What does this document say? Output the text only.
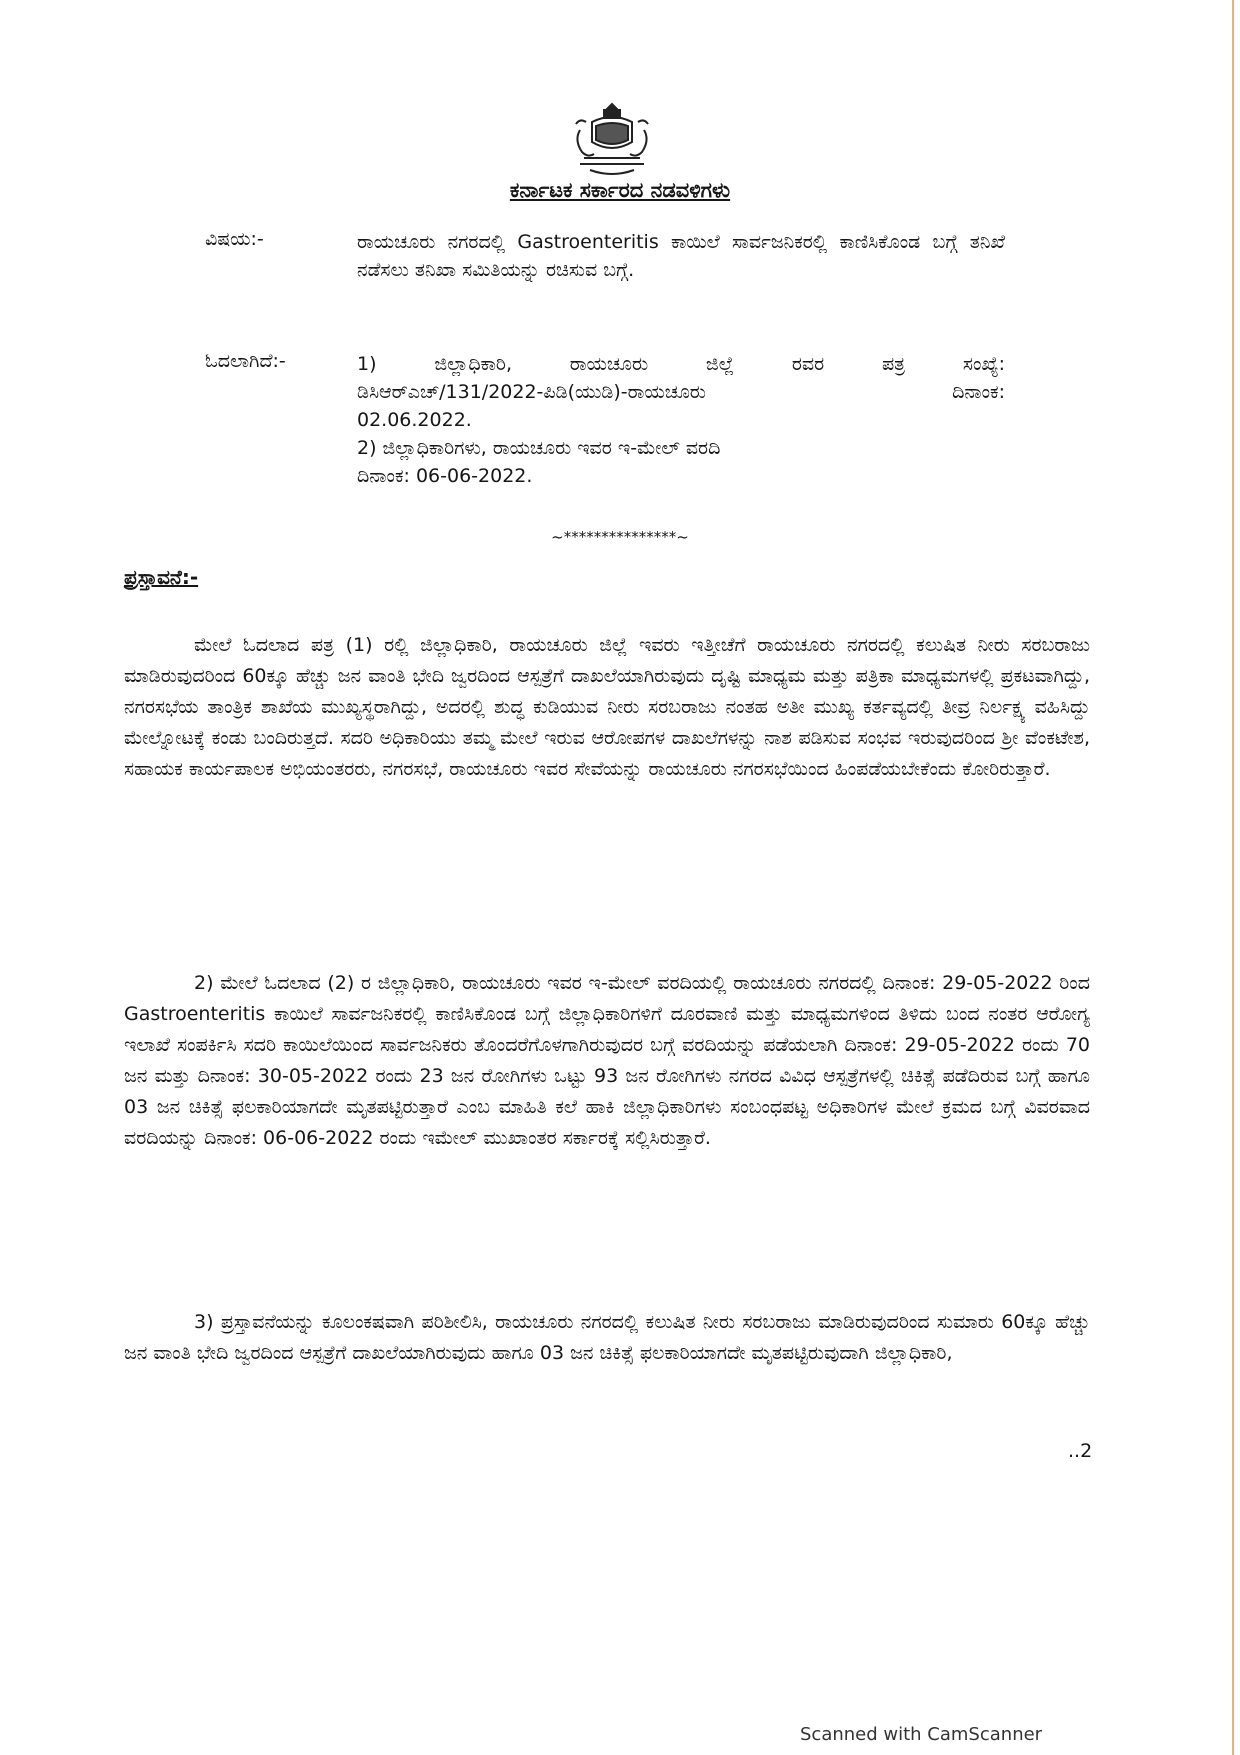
ಕರ್ನಾಟಕ ಸರ್ಕಾರದ ನಡವಳಿಗಳು
ವಿಷಯ:-	ರಾಯಚೂರು ನಗರದಲ್ಲಿ Gastroenteritis ಕಾಯಿಲೆ ಸಾರ್ವಜನಿಕರಲ್ಲಿ ಕಾಣಿಸಿಕೊಂಡ ಬಗ್ಗೆ ತನಿಖೆ ನಡೆಸಲು ತನಿಖಾ ಸಮಿತಿಯನ್ನು ರಚಿಸುವ ಬಗ್ಗೆ.
ಓದಲಾಗಿದೆ:-	1) ಜಿಲ್ಲಾಧಿಕಾರಿ, ರಾಯಚೂರು ಜಿಲ್ಲೆ ರವರ ಪತ್ರ ಸಂಖ್ಯೆ:
ಡಿಸಿಆರ್‌ಎಚ್/131/2022-ಪಿಡಿ(ಯುಡಿ)-ರಾಯಚೂರು	ದಿನಾಂಕ:
02.06.2022.
2) ಜಿಲ್ಲಾಧಿಕಾರಿಗಳು, ರಾಯಚೂರು ಇವರ ಇ-ಮೇಲ್ ವರದಿ
ದಿನಾಂಕ: 06-06-2022.
~***************~
ಪ್ರಸ್ತಾವನೆ:-

ಮೇಲೆ ಓದಲಾದ ಪತ್ರ (1) ರಲ್ಲಿ ಜಿಲ್ಲಾಧಿಕಾರಿ, ರಾಯಚೂರು ಜಿಲ್ಲೆ ಇವರು ಇತ್ತೀಚೆಗೆ ರಾಯಚೂರು ನಗರದಲ್ಲಿ ಕಲುಷಿತ ನೀರು ಸರಬರಾಜು ಮಾಡಿರುವುದರಿಂದ 60ಕ್ಕೂ ಹೆಚ್ಚು ಜನ ವಾಂತಿ ಭೇದಿ ಜ್ವರದಿಂದ ಆಸ್ಪತ್ರೆಗೆ ದಾಖಲೆಯಾಗಿರುವುದು ದೃಷ್ಟಿ ಮಾಧ್ಯಮ ಮತ್ತು ಪತ್ರಿಕಾ ಮಾಧ್ಯಮಗಳಲ್ಲಿ ಪ್ರಕಟವಾಗಿದ್ದು, ನಗರಸಭೆಯ ತಾಂತ್ರಿಕ ಶಾಖೆಯ ಮುಖ್ಯಸ್ಥರಾಗಿದ್ದು, ಅದರಲ್ಲಿ ಶುದ್ಧ ಕುಡಿಯುವ ನೀರು ಸರಬರಾಜು ನಂತಹ ಅತೀ ಮುಖ್ಯ ಕರ್ತವ್ಯದಲ್ಲಿ ತೀವ್ರ ನಿರ್ಲಕ್ಷ್ಯ ವಹಿಸಿದ್ದು ಮೇಲ್ನೋಟಕ್ಕೆ ಕಂಡು ಬಂದಿರುತ್ತದೆ. ಸದರಿ ಅಧಿಕಾರಿಯು ತಮ್ಮ ಮೇಲೆ ಇರುವ ಆರೋಪಗಳ ದಾಖಲೆಗಳನ್ನು ನಾಶ ಪಡಿಸುವ ಸಂಭವ ಇರುವುದರಿಂದ ಶ್ರೀ ವೆಂಕಟೇಶ, ಸಹಾಯಕ ಕಾರ್ಯಪಾಲಕ ಅಭಿಯಂತರರು, ನಗರಸಭೆ, ರಾಯಚೂರು ಇವರ ಸೇವೆಯನ್ನು ರಾಯಚೂರು ನಗರಸಭೆಯಿಂದ ಹಿಂಪಡೆಯಬೇಕೆಂದು ಕೋರಿರುತ್ತಾರೆ.

2) ಮೇಲೆ ಓದಲಾದ (2) ರ ಜಿಲ್ಲಾಧಿಕಾರಿ, ರಾಯಚೂರು ಇವರ ಇ-ಮೇಲ್ ವರದಿಯಲ್ಲಿ ರಾಯಚೂರು ನಗರದಲ್ಲಿ ದಿನಾಂಕ: 29-05-2022 ರಿಂದ Gastroenteritis ಕಾಯಿಲೆ ಸಾರ್ವಜನಿಕರಲ್ಲಿ ಕಾಣಿಸಿಕೊಂಡ ಬಗ್ಗೆ ಜಿಲ್ಲಾಧಿಕಾರಿಗಳಿಗೆ ದೂರವಾಣಿ ಮತ್ತು ಮಾಧ್ಯಮಗಳಿಂದ ತಿಳಿದು ಬಂದ ನಂತರ ಆರೋಗ್ಯ ಇಲಾಖೆ ಸಂಪರ್ಕಿಸಿ ಸದರಿ ಕಾಯಿಲೆಯಿಂದ ಸಾರ್ವಜನಿಕರು ತೊಂದರೆಗೊಳಗಾಗಿರುವುದರ ಬಗ್ಗೆ ವರದಿಯನ್ನು ಪಡೆಯಲಾಗಿ ದಿನಾಂಕ: 29-05-2022 ರಂದು 70 ಜನ ಮತ್ತು ದಿನಾಂಕ: 30-05-2022 ರಂದು 23 ಜನ ರೋಗಿಗಳು ಒಟ್ಟು 93 ಜನ ರೋಗಿಗಳು ನಗರದ ವಿವಿಧ ಆಸ್ಪತ್ರೆಗಳಲ್ಲಿ ಚಿಕಿತ್ಸೆ ಪಡೆದಿರುವ ಬಗ್ಗೆ ಹಾಗೂ 03 ಜನ ಚಿಕಿತ್ಸೆ ಫಲಕಾರಿಯಾಗದೇ ಮೃತಪಟ್ಟಿರುತ್ತಾರೆ ಎಂಬ ಮಾಹಿತಿ ಕಲೆ ಹಾಕಿ ಜಿಲ್ಲಾಧಿಕಾರಿಗಳು ಸಂಬಂಧಪಟ್ಟ ಅಧಿಕಾರಿಗಳ ಮೇಲೆ ಕ್ರಮದ ಬಗ್ಗೆ ವಿವರವಾದ ವರದಿಯನ್ನು ದಿನಾಂಕ: 06-06-2022 ರಂದು ಇಮೇಲ್ ಮುಖಾಂತರ ಸರ್ಕಾರಕ್ಕೆ ಸಲ್ಲಿಸಿರುತ್ತಾರೆ.

3) ಪ್ರಸ್ತಾವನೆಯನ್ನು ಕೂಲಂಕಷವಾಗಿ ಪರಿಶೀಲಿಸಿ, ರಾಯಚೂರು ನಗರದಲ್ಲಿ ಕಲುಷಿತ ನೀರು ಸರಬರಾಜು ಮಾಡಿರುವುದರಿಂದ ಸುಮಾರು 60ಕ್ಕೂ ಹೆಚ್ಚು ಜನ ವಾಂತಿ ಭೇದಿ ಜ್ವರದಿಂದ ಆಸ್ಪತ್ರೆಗೆ ದಾಖಲೆಯಾಗಿರುವುದು ಹಾಗೂ 03 ಜನ ಚಿಕಿತ್ಸೆ ಫಲಕಾರಿಯಾಗದೇ ಮೃತಪಟ್ಟಿರುವುದಾಗಿ ಜಿಲ್ಲಾಧಿಕಾರಿ,

..2
Scanned with CamScanner
